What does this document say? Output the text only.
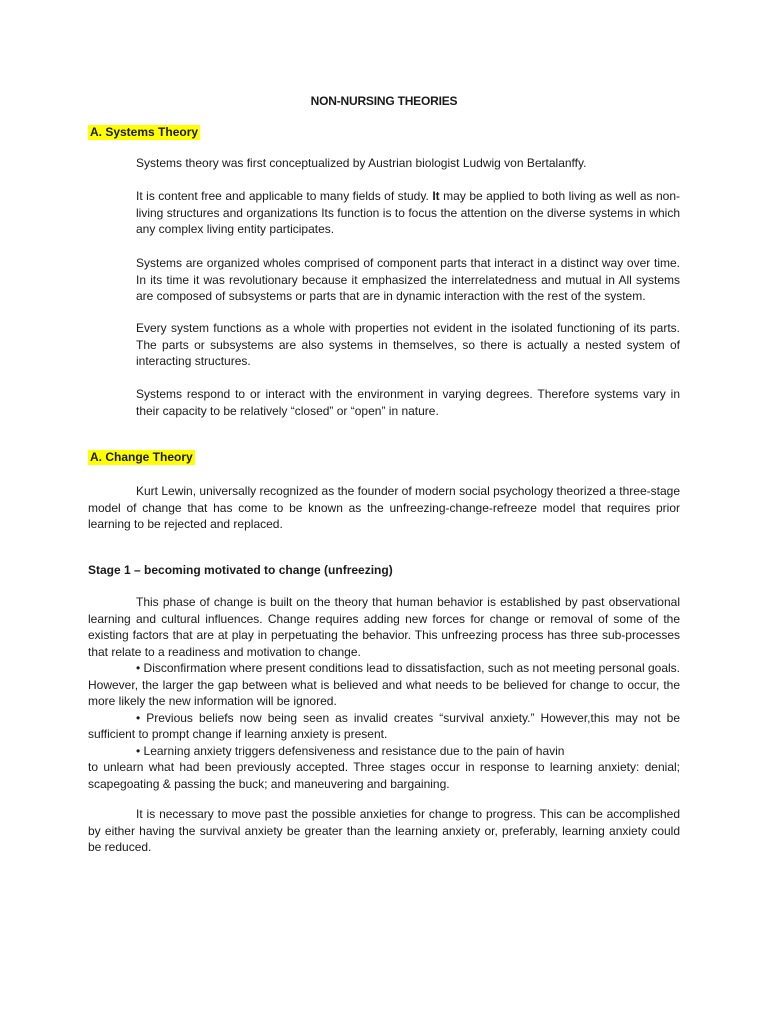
NON-NURSING THEORIES
A. Systems Theory

Systems theory was first conceptualized by Austrian biologist Ludwig von Bertalanffy.

It is content free and applicable to many fields of study. It may be applied to both living as well as non-living structures and organizations Its function is to focus the attention on the diverse systems in which any complex living entity participates.

Systems are organized wholes comprised of component parts that interact in a distinct way over time. In its time it was revolutionary because it emphasized the interrelatedness and mutual in All systems are composed of subsystems or parts that are in dynamic interaction with the rest of the system.

Every system functions as a whole with properties not evident in the isolated functioning of its parts. The parts or subsystems are also systems in themselves, so there is actually a nested system of interacting structures.

Systems respond to or interact with the environment in varying degrees. Therefore systems vary in their capacity to be relatively “closed” or “open” in nature.

A. Change Theory

Kurt Lewin, universally recognized as the founder of modern social psychology theorized a three-stage model of change that has come to be known as the unfreezing-change-refreeze model that requires prior learning to be rejected and replaced.

Stage 1 – becoming motivated to change (unfreezing)

This phase of change is built on the theory that human behavior is established by past observational learning and cultural influences. Change requires adding new forces for change or removal of some of the existing factors that are at play in perpetuating the behavior. This unfreezing process has three sub-processes that relate to a readiness and motivation to change.
• Disconfirmation where present conditions lead to dissatisfaction, such as not meeting personal goals. However, the larger the gap between what is believed and what needs to be believed for change to occur, the more likely the new information will be ignored.
• Previous beliefs now being seen as invalid creates “survival anxiety.” However,this may not be sufficient to prompt change if learning anxiety is present.
• Learning anxiety triggers defensiveness and resistance due to the pain of havin
to unlearn what had been previously accepted. Three stages occur in response to learning anxiety: denial; scapegoating & passing the buck; and maneuvering and bargaining.

It is necessary to move past the possible anxieties for change to progress. This can be accomplished by either having the survival anxiety be greater than the learning anxiety or, preferably, learning anxiety could be reduced.
